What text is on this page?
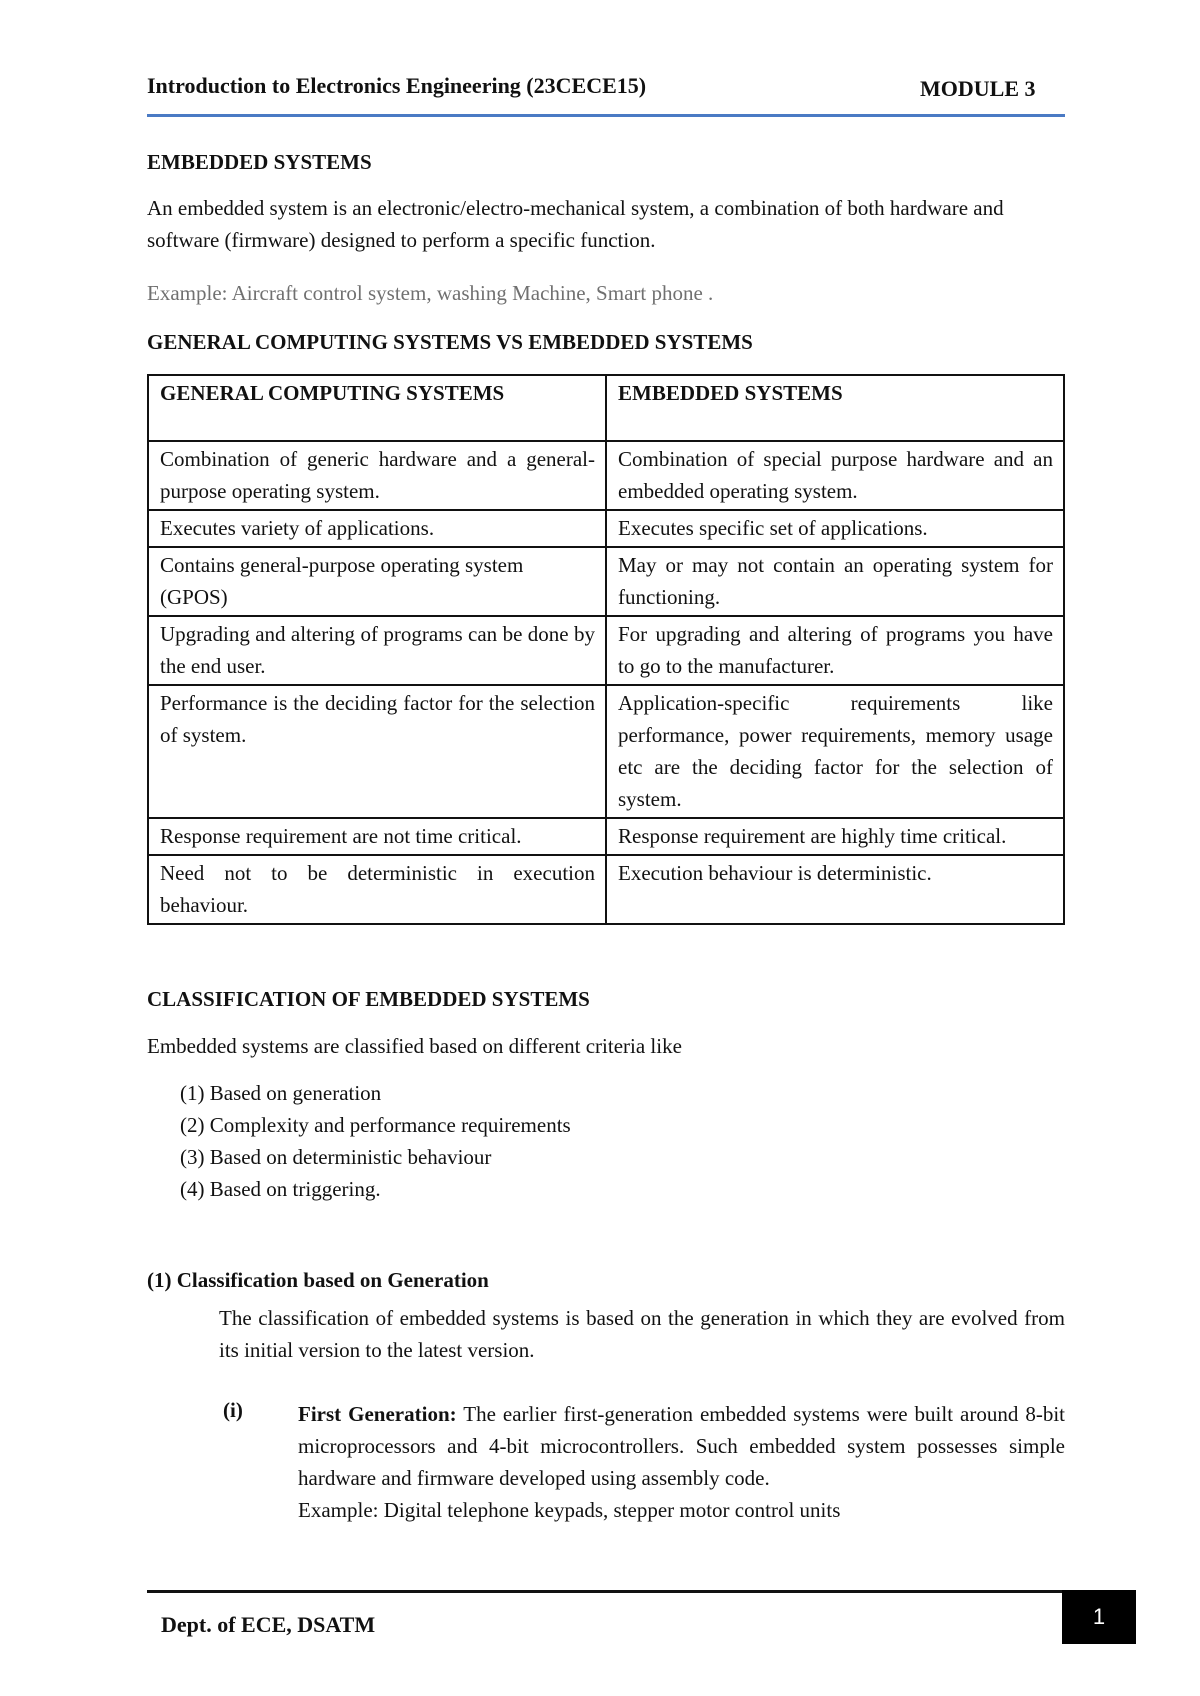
Introduction to Electronics Engineering (23CECE15)	MODULE 3
EMBEDDED SYSTEMS
An embedded system is an electronic/electro-mechanical system, a combination of both hardware and software (firmware) designed to perform a specific function.
Example: Aircraft control system, washing Machine, Smart phone .
GENERAL COMPUTING SYSTEMS VS EMBEDDED SYSTEMS
GENERAL COMPUTING SYSTEMS	EMBEDDED SYSTEMS
Combination of generic hardware and a general-purpose operating system.	Combination of special purpose hardware and an embedded operating system.
Executes variety of applications.	Executes specific set of applications.
Contains general-purpose operating system (GPOS)	May or may not contain an operating system for functioning.
Upgrading and altering of programs can be done by the end user.	For upgrading and altering of programs you have to go to the manufacturer.
Performance is the deciding factor for the selection of system.	Application-specific requirements like performance, power requirements, memory usage etc are the deciding factor for the selection of system.
Response requirement are not time critical.	Response requirement are highly time critical.
Need not to be deterministic in execution behaviour.	Execution behaviour is deterministic.
CLASSIFICATION OF EMBEDDED SYSTEMS
Embedded systems are classified based on different criteria like
(1) Based on generation
(2) Complexity and performance requirements
(3) Based on deterministic behaviour
(4) Based on triggering.
(1) Classification based on Generation
The classification of embedded systems is based on the generation in which they are evolved from its initial version to the latest version.
(i)	First Generation: The earlier first-generation embedded systems were built around 8-bit microprocessors and 4-bit microcontrollers. Such embedded system possesses simple hardware and firmware developed using assembly code.
Example: Digital telephone keypads, stepper motor control units
Dept. of ECE, DSATM	1
